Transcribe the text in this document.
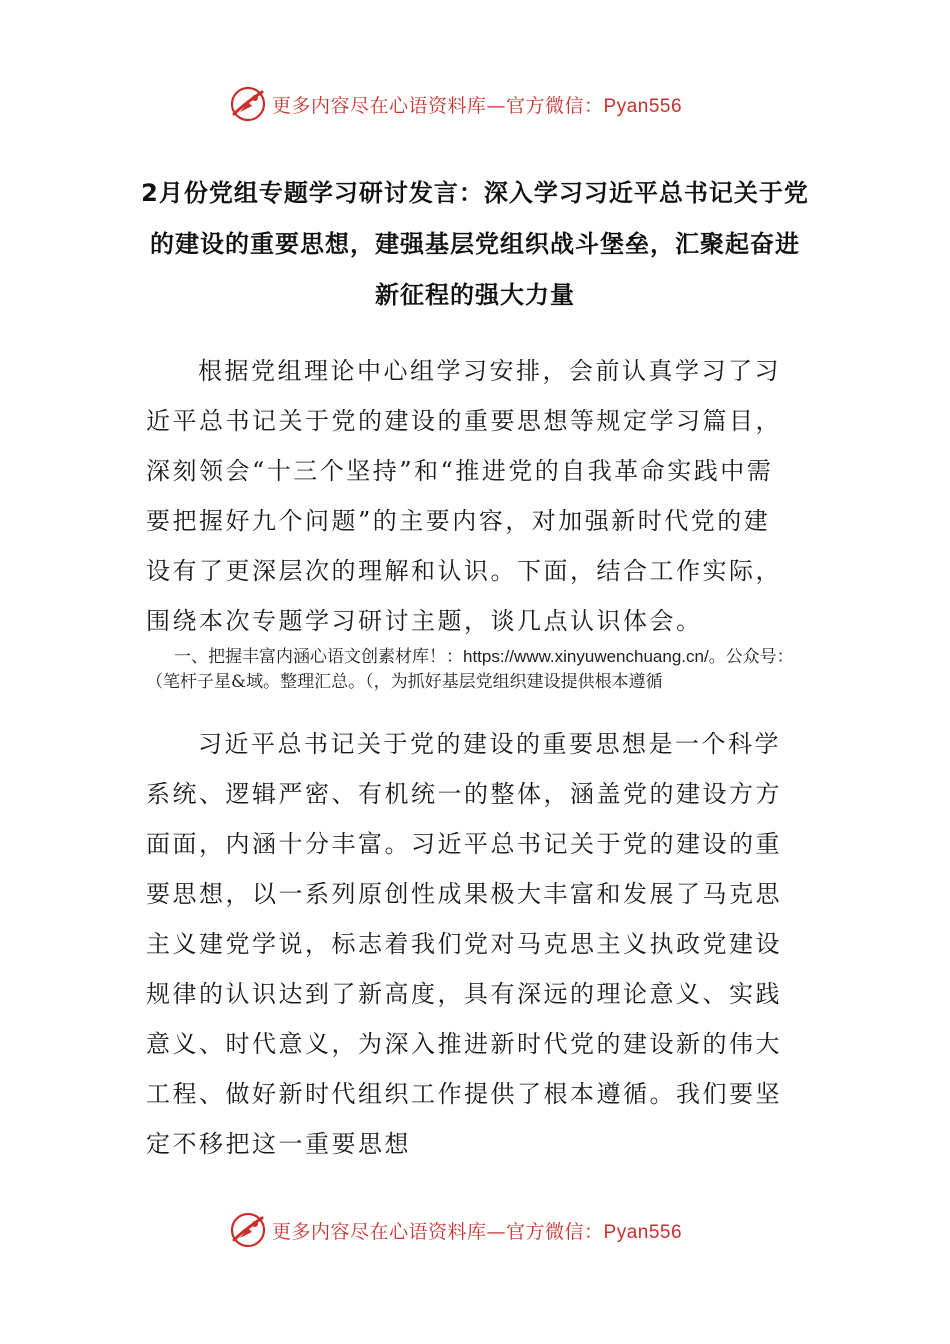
更多内容尽在心语资料库—官方微信：Pyan556
2月份党组专题学习研讨发言：深入学习习近平总书记关于党的建设的重要思想，建强基层党组织战斗堡垒，汇聚起奋进新征程的强大力量

根据党组理论中心组学习安排，会前认真学习了习近平总书记关于党的建设的重要思想等规定学习篇目，深刻领会“十三个坚持”和“推进党的自我革命实践中需要把握好九个问题”的主要内容，对加强新时代党的建设有了更深层次的理解和认识。下面，结合工作实际，围绕本次专题学习研讨主题，谈几点认识体会。

一、把握丰富内涵心语文创素材库！：https://www.xinyuwenchuang.cn/。公众号：（笔杆子星&域。整理汇总。（，为抓好基层党组织建设提供根本遵循

习近平总书记关于党的建设的重要思想是一个科学系统、逻辑严密、有机统一的整体，涵盖党的建设方方面面，内涵十分丰富。习近平总书记关于党的建设的重要思想，以一系列原创性成果极大丰富和发展了马克思主义建党学说，标志着我们党对马克思主义执政党建设规律的认识达到了新高度，具有深远的理论意义、实践意义、时代意义，为深入推进新时代党的建设新的伟大工程、做好新时代组织工作提供了根本遵循。我们要坚定不移把这一重要思想

更多内容尽在心语资料库—官方微信：Pyan556
